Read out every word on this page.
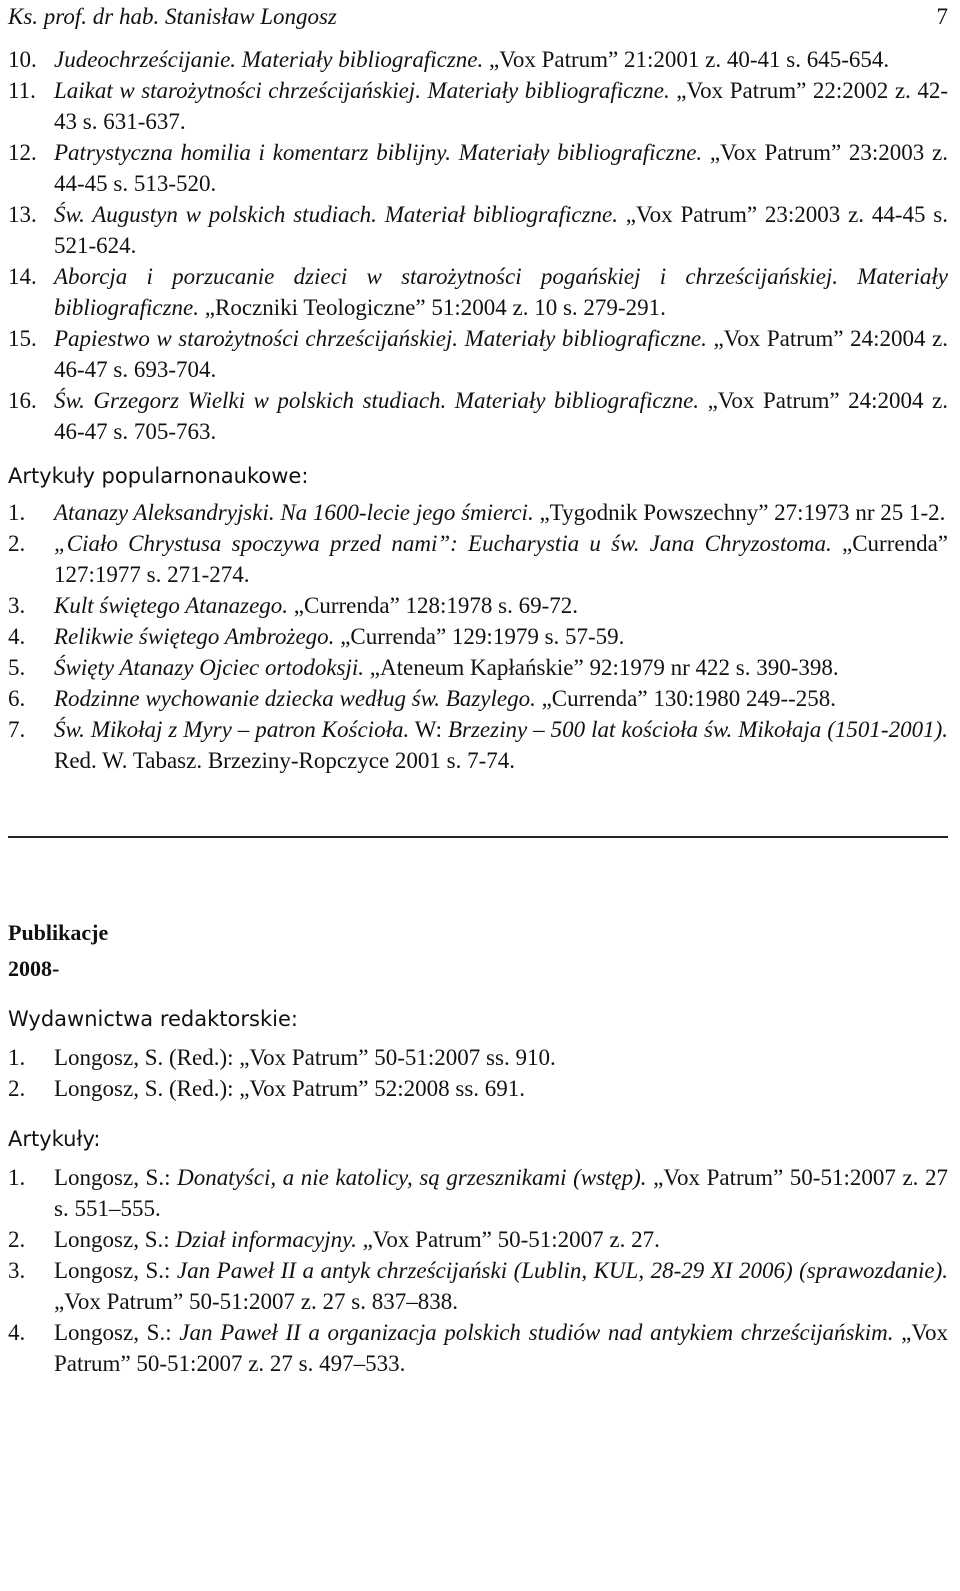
Ks. prof. dr hab. Stanisław Longosz	7
10. Judeochrześcijanie. Materiały bibliograficzne. „Vox Patrum” 21:2001 z. 40-41 s. 645-654.
11. Laikat w starożytności chrześcijańskiej. Materiały bibliograficzne. „Vox Patrum” 22:2002 z. 42-43 s. 631-637.
12. Patrystyczna homilia i komentarz biblijny. Materiały bibliograficzne. „Vox Patrum” 23:2003 z. 44-45 s. 513-520.
13. Św. Augustyn w polskich studiach. Materiał bibliograficzne. „Vox Patrum” 23:2003 z. 44-45 s. 521-624.
14. Aborcja i porzucanie dzieci w starożytności pogańskiej i chrześcijańskiej. Materiały bibliograficzne. „Roczniki Teologiczne” 51:2004 z. 10 s. 279-291.
15. Papiestwo w starożytności chrześcijańskiej. Materiały bibliograficzne. „Vox Patrum” 24:2004 z. 46-47 s. 693-704.
16. Św. Grzegorz Wielki w polskich studiach. Materiały bibliograficzne. „Vox Patrum” 24:2004 z. 46-47 s. 705-763.
Artykuły popularnonaukowe:
1. Atanazy Aleksandryjski. Na 1600-lecie jego śmierci. „Tygodnik Powszechny” 27:1973 nr 25 1-2.
2. „Ciało Chrystusa spoczywa przed nami”: Eucharystia u św. Jana Chryzostoma. „Currenda” 127:1977 s. 271-274.
3. Kult świętego Atanazego. „Currenda” 128:1978 s. 69-72.
4. Relikwie świętego Ambrożego. „Currenda” 129:1979 s. 57-59.
5. Święty Atanazy Ojciec ortodoksji. „Ateneum Kapłańskie” 92:1979 nr 422 s. 390-398.
6. Rodzinne wychowanie dziecka według św. Bazylego. „Currenda” 130:1980 249--258.
7. Św. Mikołaj z Myry – patron Kościoła. W: Brzeziny – 500 lat kościoła św. Mikołaja (1501-2001). Red. W. Tabasz. Brzeziny-Ropczyce 2001 s. 7-74.
Publikacje
2008-
Wydawnictwa redaktorskie:
1. Longosz, S. (Red.): „Vox Patrum” 50-51:2007 ss. 910.
2. Longosz, S. (Red.): „Vox Patrum” 52:2008 ss. 691.
Artykuły:
1. Longosz, S.: Donatyści, a nie katolicy, są grzesznikami (wstęp). „Vox Patrum” 50-51:2007 z. 27 s. 551–555.
2. Longosz, S.: Dział informacyjny. „Vox Patrum” 50-51:2007 z. 27.
3. Longosz, S.: Jan Paweł II a antyk chrześcijański (Lublin, KUL, 28-29 XI 2006) (sprawozdanie). „Vox Patrum” 50-51:2007 z. 27 s. 837–838.
4. Longosz, S.: Jan Paweł II a organizacja polskich studiów nad antykiem chrześcijańskim. „Vox Patrum” 50-51:2007 z. 27 s. 497–533.
